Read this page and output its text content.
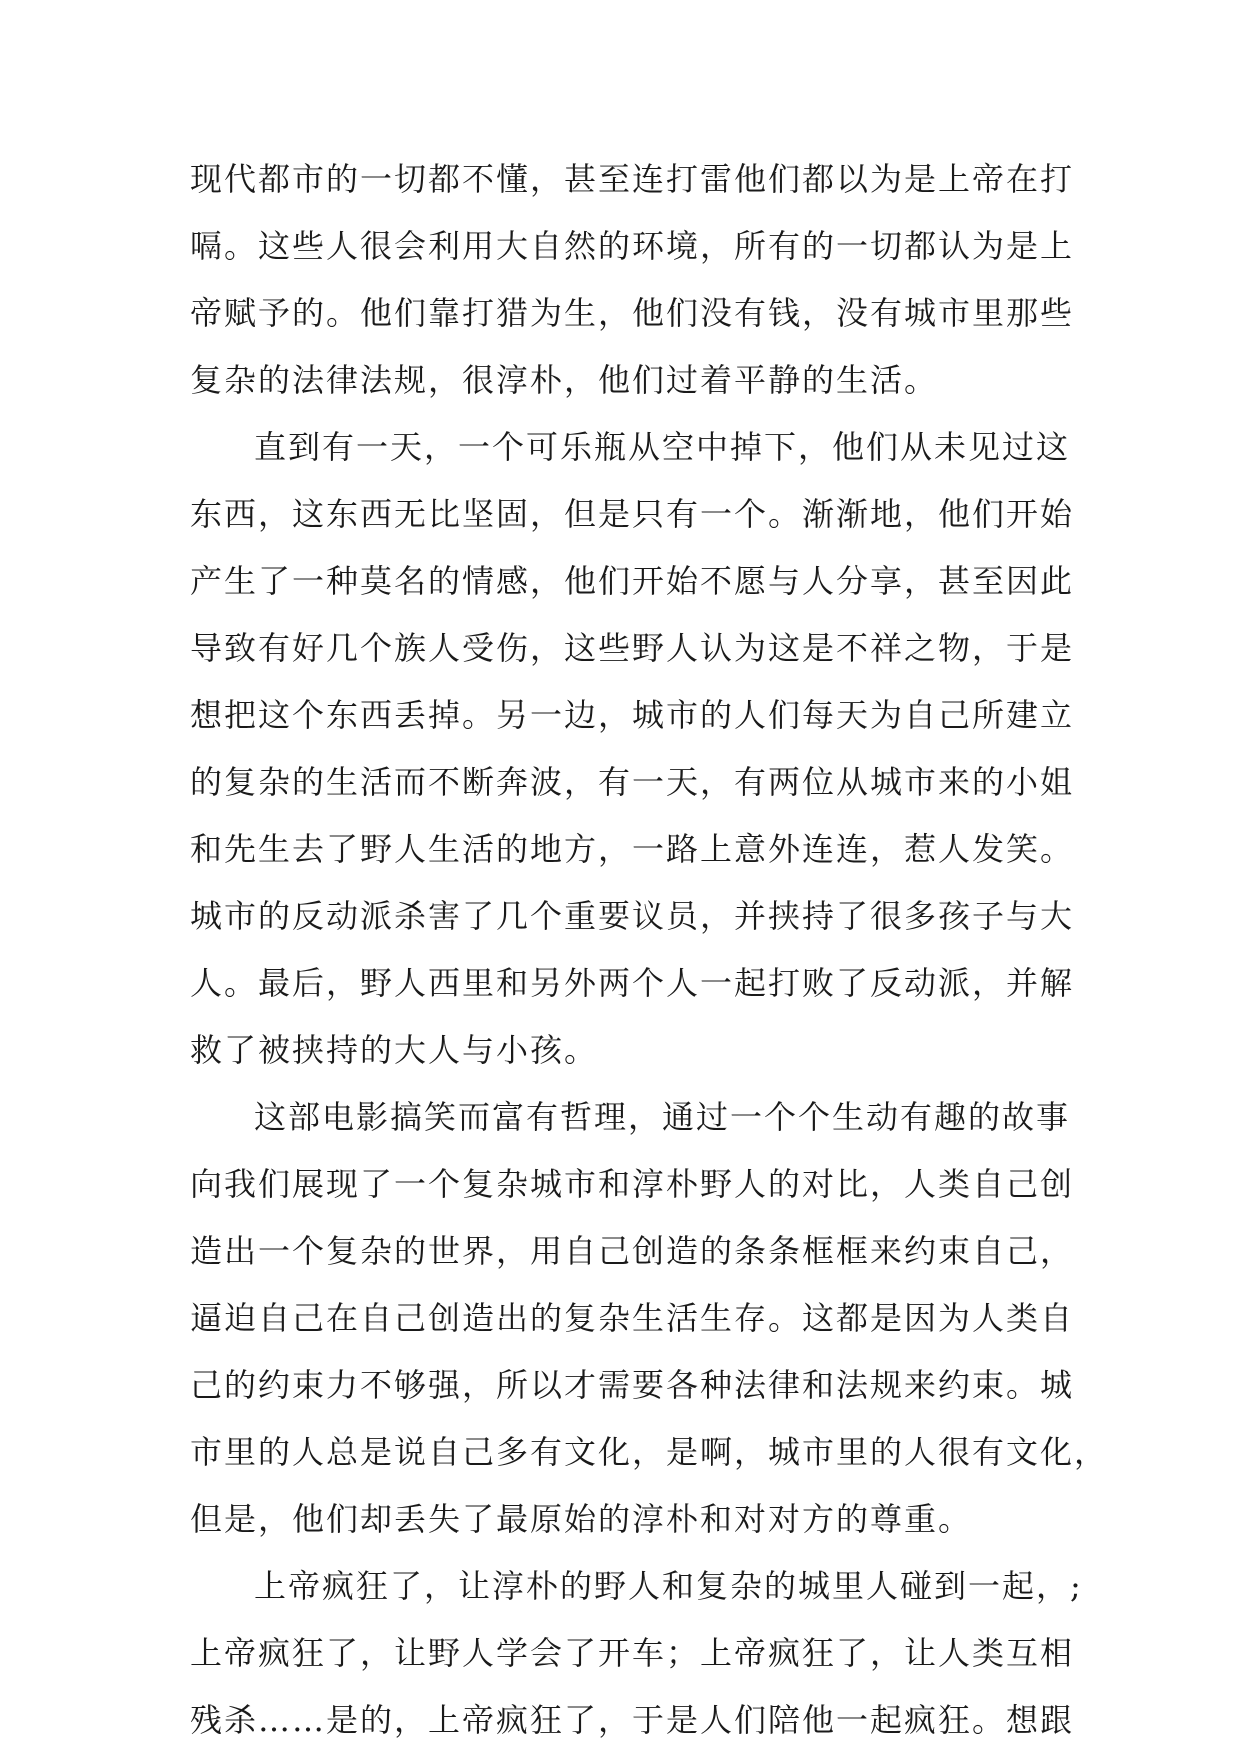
现代都市的一切都不懂，甚至连打雷他们都以为是上帝在打
嗝。这些人很会利用大自然的环境，所有的一切都认为是上
帝赋予的。他们靠打猎为生，他们没有钱，没有城市里那些
复杂的法律法规，很淳朴，他们过着平静的生活。
直到有一天，一个可乐瓶从空中掉下，他们从未见过这
东西，这东西无比坚固，但是只有一个。渐渐地，他们开始
产生了一种莫名的情感，他们开始不愿与人分享，甚至因此
导致有好几个族人受伤，这些野人认为这是不祥之物，于是
想把这个东西丢掉。另一边，城市的人们每天为自己所建立
的复杂的生活而不断奔波，有一天，有两位从城市来的小姐
和先生去了野人生活的地方，一路上意外连连，惹人发笑。
城市的反动派杀害了几个重要议员，并挟持了很多孩子与大
人。最后，野人西里和另外两个人一起打败了反动派，并解
救了被挟持的大人与小孩。
这部电影搞笑而富有哲理，通过一个个生动有趣的故事
向我们展现了一个复杂城市和淳朴野人的对比，人类自己创
造出一个复杂的世界，用自己创造的条条框框来约束自己，
逼迫自己在自己创造出的复杂生活生存。这都是因为人类自
己的约束力不够强，所以才需要各种法律和法规来约束。城
市里的人总是说自己多有文化，是啊，城市里的人很有文化，
但是，他们却丢失了最原始的淳朴和对对方的尊重。
上帝疯狂了，让淳朴的野人和复杂的城里人碰到一起，;
上帝疯狂了，让野人学会了开车；上帝疯狂了，让人类互相
残杀……是的，上帝疯狂了，于是人们陪他一起疯狂。想跟
